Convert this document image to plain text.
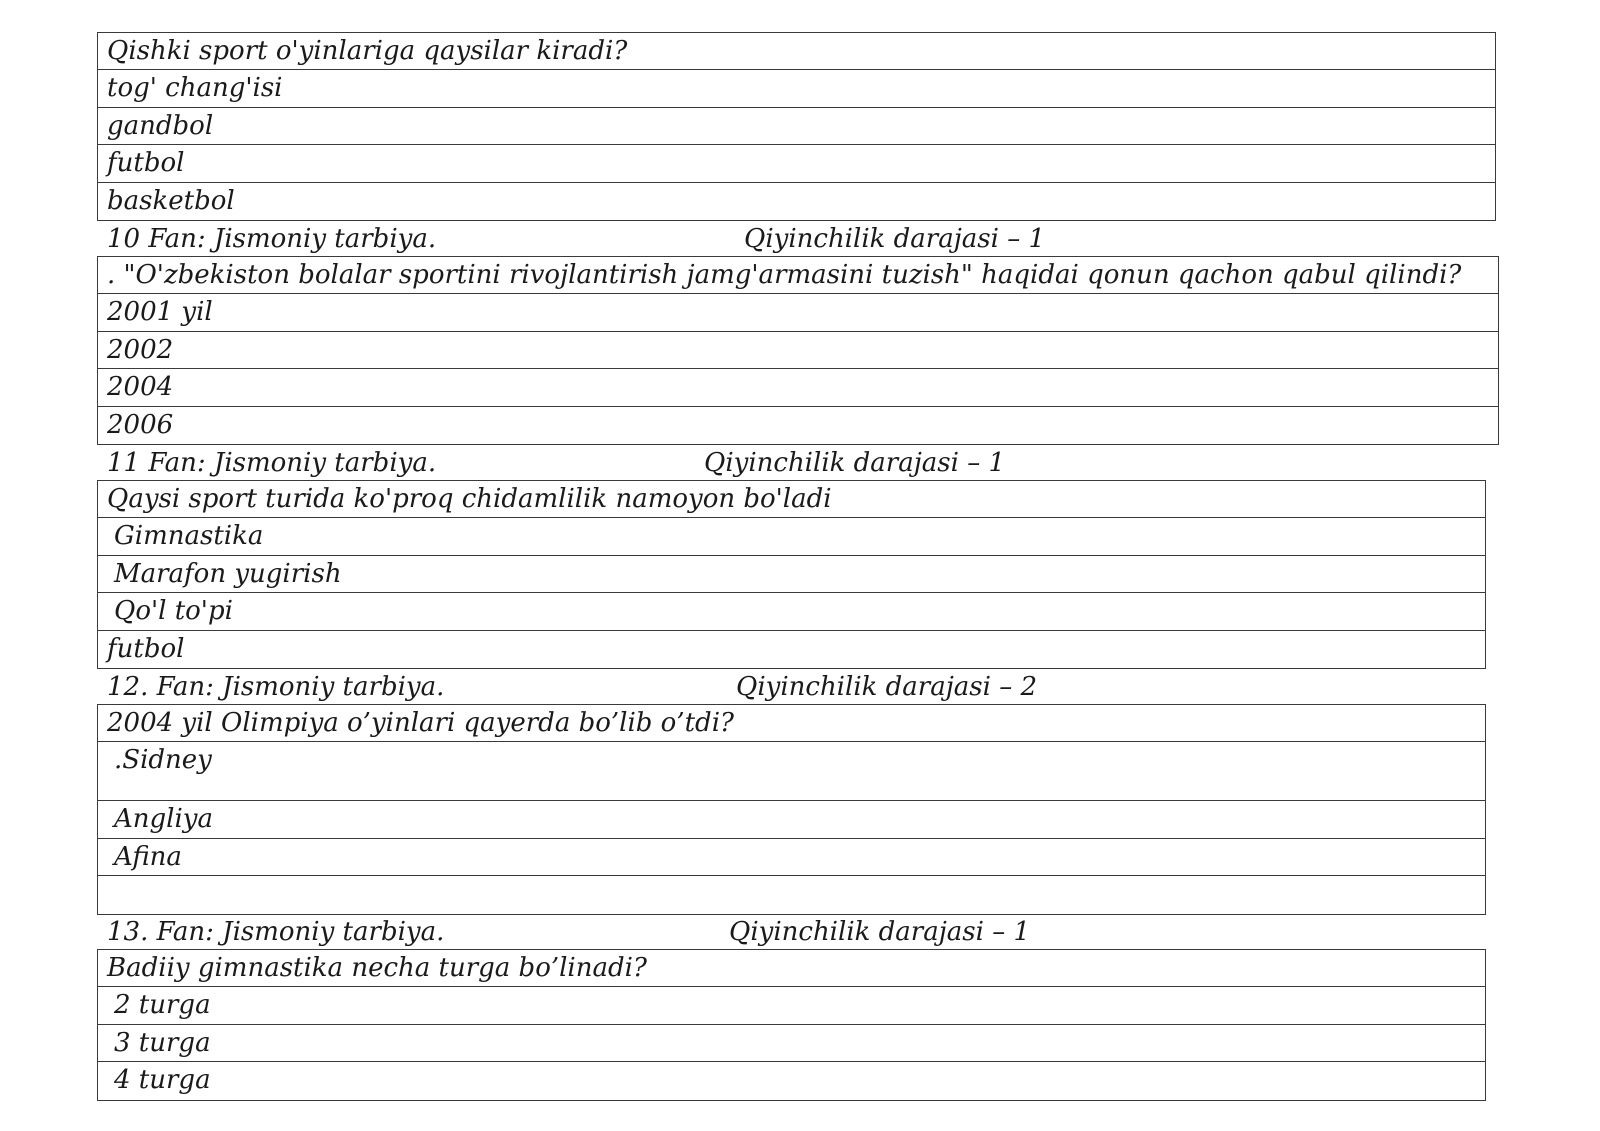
Qishki sport o'yinlariga qaysilar kiradi?
tog' chang'isi
gandbol
futbol
basketbol
10 Fan: Jismoniy tarbiya.	Qiyinchilik darajasi – 1
. "O'zbekiston bolalar sportini rivojlantirish jamg'armasini tuzish" haqidai qonun qachon qabul qilindi?
2001 yil
2002
2004
2006
11 Fan: Jismoniy tarbiya.	Qiyinchilik darajasi – 1
Qaysi sport turida ko'proq chidamlilik namoyon bo'ladi
Gimnastika
Marafon yugirish
Qo'l to'pi
futbol
12. Fan: Jismoniy tarbiya.	Qiyinchilik darajasi – 2
2004 yil Olimpiya o’yinlari qayerda bo’lib o’tdi?
.Sidney
Angliya
Afina
13. Fan: Jismoniy tarbiya.	Qiyinchilik darajasi – 1
Badiiy gimnastika necha turga bo’linadi?
2 turga
3 turga
4 turga
